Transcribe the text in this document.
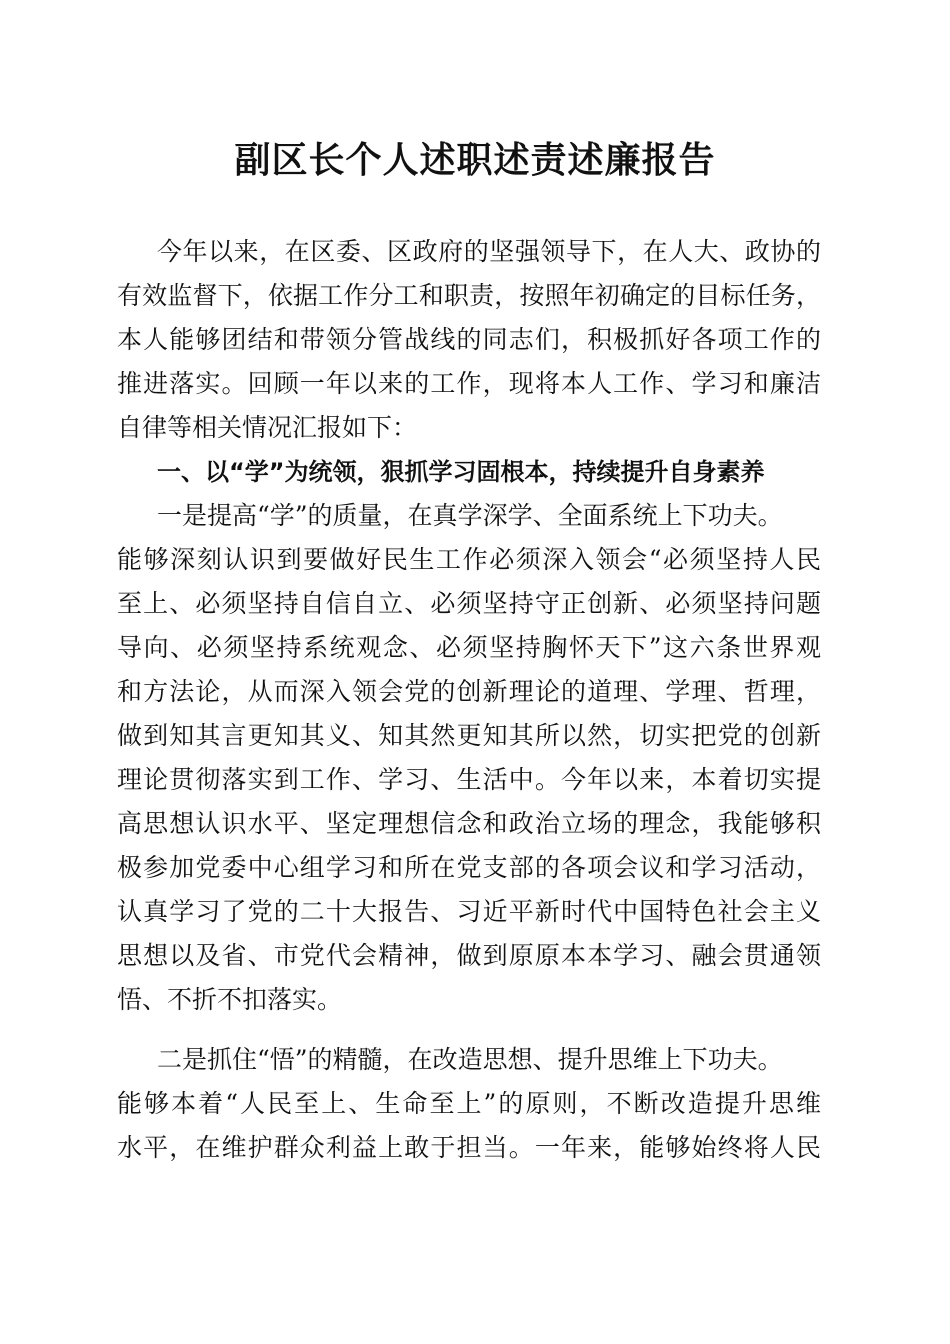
副区长个人述职述责述廉报告
今年以来，在区委、区政府的坚强领导下，在人大、政协的
有效监督下，依据工作分工和职责，按照年初确定的目标任务，
本人能够团结和带领分管战线的同志们，积极抓好各项工作的
推进落实。回顾一年以来的工作，现将本人工作、学习和廉洁
自律等相关情况汇报如下：
一、以“学”为统领，狠抓学习固根本，持续提升自身素养
一是提高“学”的质量，在真学深学、全面系统上下功夫。
能够深刻认识到要做好民生工作必须深入领会“必须坚持人民
至上、必须坚持自信自立、必须坚持守正创新、必须坚持问题
导向、必须坚持系统观念、必须坚持胸怀天下”这六条世界观
和方法论，从而深入领会党的创新理论的道理、学理、哲理，
做到知其言更知其义、知其然更知其所以然，切实把党的创新
理论贯彻落实到工作、学习、生活中。今年以来，本着切实提
高思想认识水平、坚定理想信念和政治立场的理念，我能够积
极参加党委中心组学习和所在党支部的各项会议和学习活动，
认真学习了党的二十大报告、习近平新时代中国特色社会主义
思想以及省、市党代会精神，做到原原本本学习、融会贯通领
悟、不折不扣落实。
二是抓住“悟”的精髓，在改造思想、提升思维上下功夫。
能够本着“人民至上、生命至上”的原则，不断改造提升思维
水平，在维护群众利益上敢于担当。一年来，能够始终将人民
